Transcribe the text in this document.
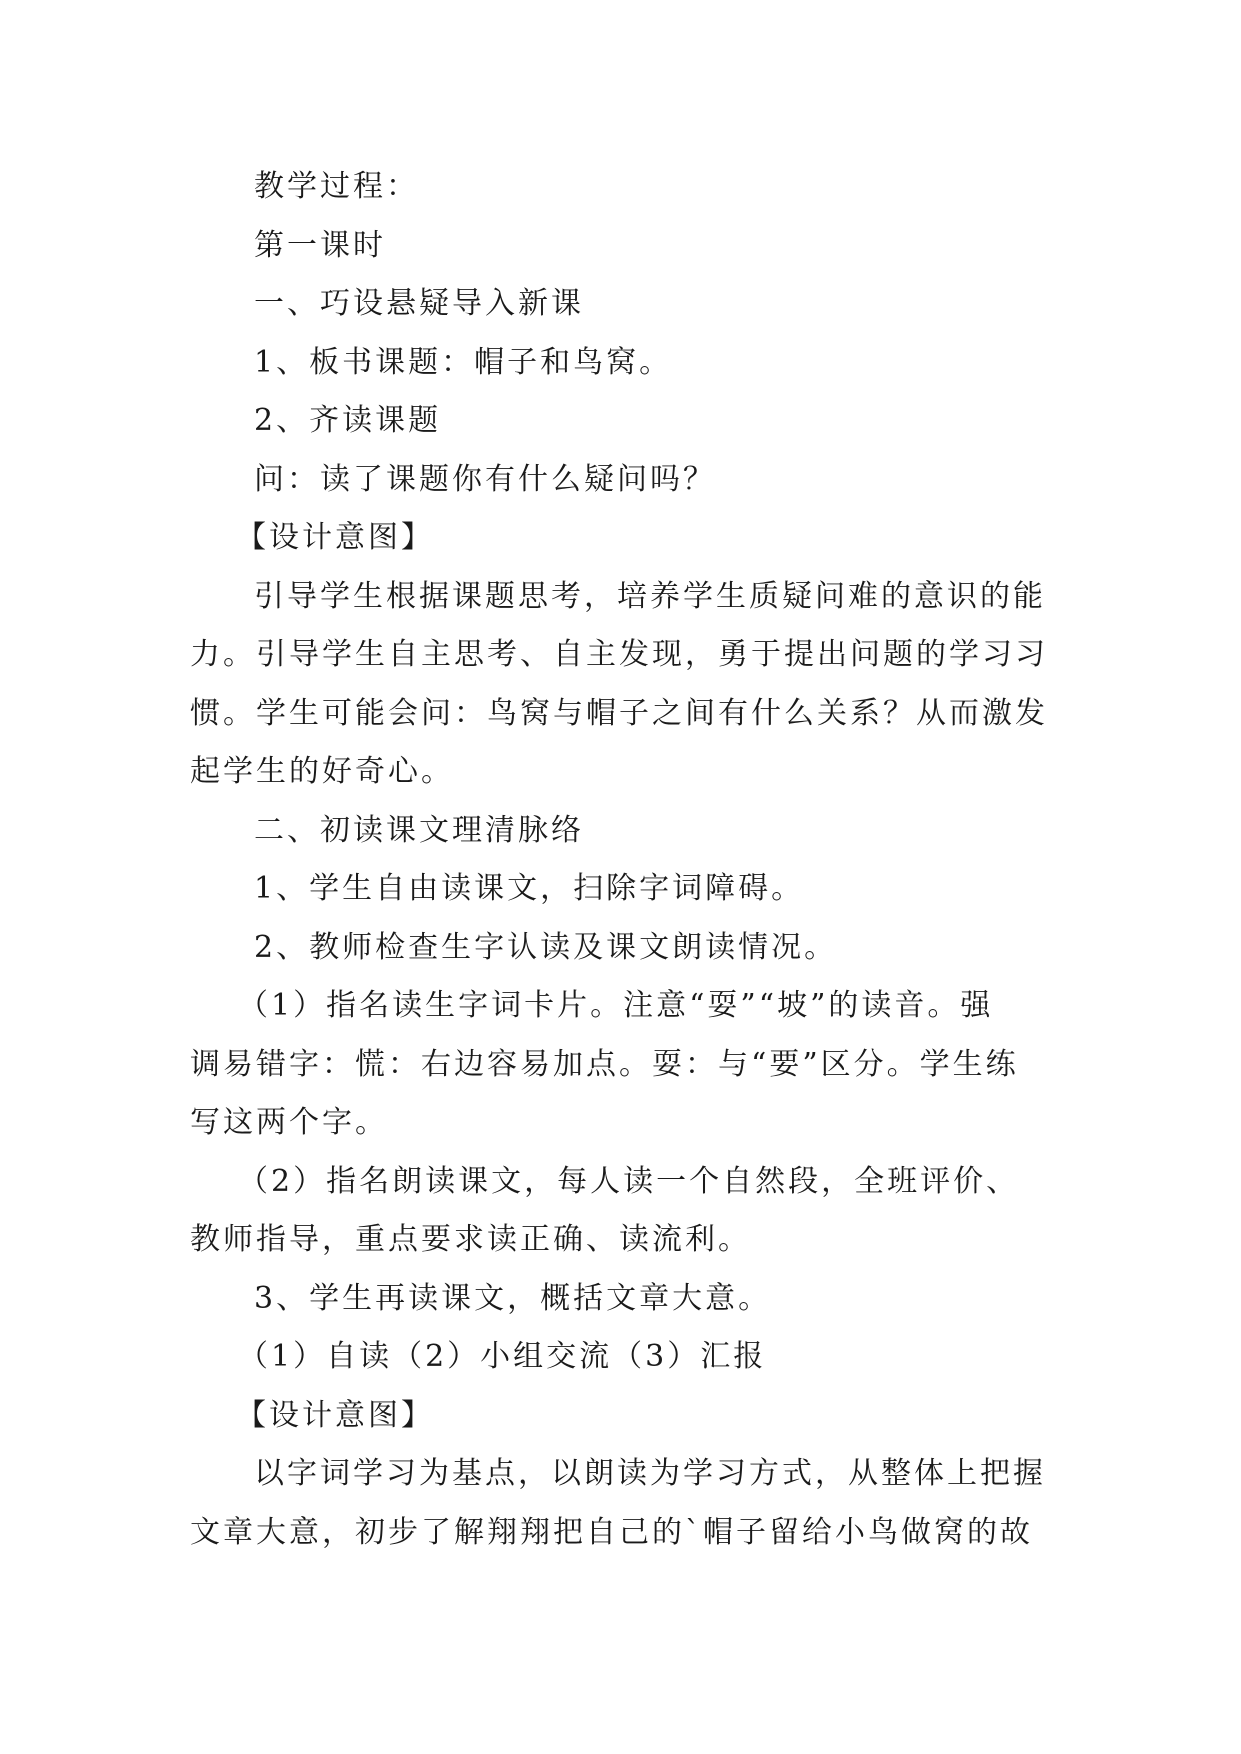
教学过程：
第一课时
一、巧设悬疑导入新课
1、板书课题：帽子和鸟窝。
2、齐读课题
问：读了课题你有什么疑问吗？
【设计意图】
引导学生根据课题思考，培养学生质疑问难的意识的能
力。引导学生自主思考、自主发现，勇于提出问题的学习习
惯。学生可能会问：鸟窝与帽子之间有什么关系？从而激发
起学生的好奇心。
二、初读课文理清脉络
1、学生自由读课文，扫除字词障碍。
2、教师检查生字认读及课文朗读情况。
（1）指名读生字词卡片。注意“耍”“坡”的读音。强
调易错字：慌：右边容易加点。耍：与“要”区分。学生练
写这两个字。
（2）指名朗读课文，每人读一个自然段，全班评价、
教师指导，重点要求读正确、读流利。
3、学生再读课文，概括文章大意。
（1）自读（2）小组交流（3）汇报
【设计意图】
以字词学习为基点，以朗读为学习方式，从整体上把握
文章大意，初步了解翔翔把自己的`帽子留给小鸟做窝的故
